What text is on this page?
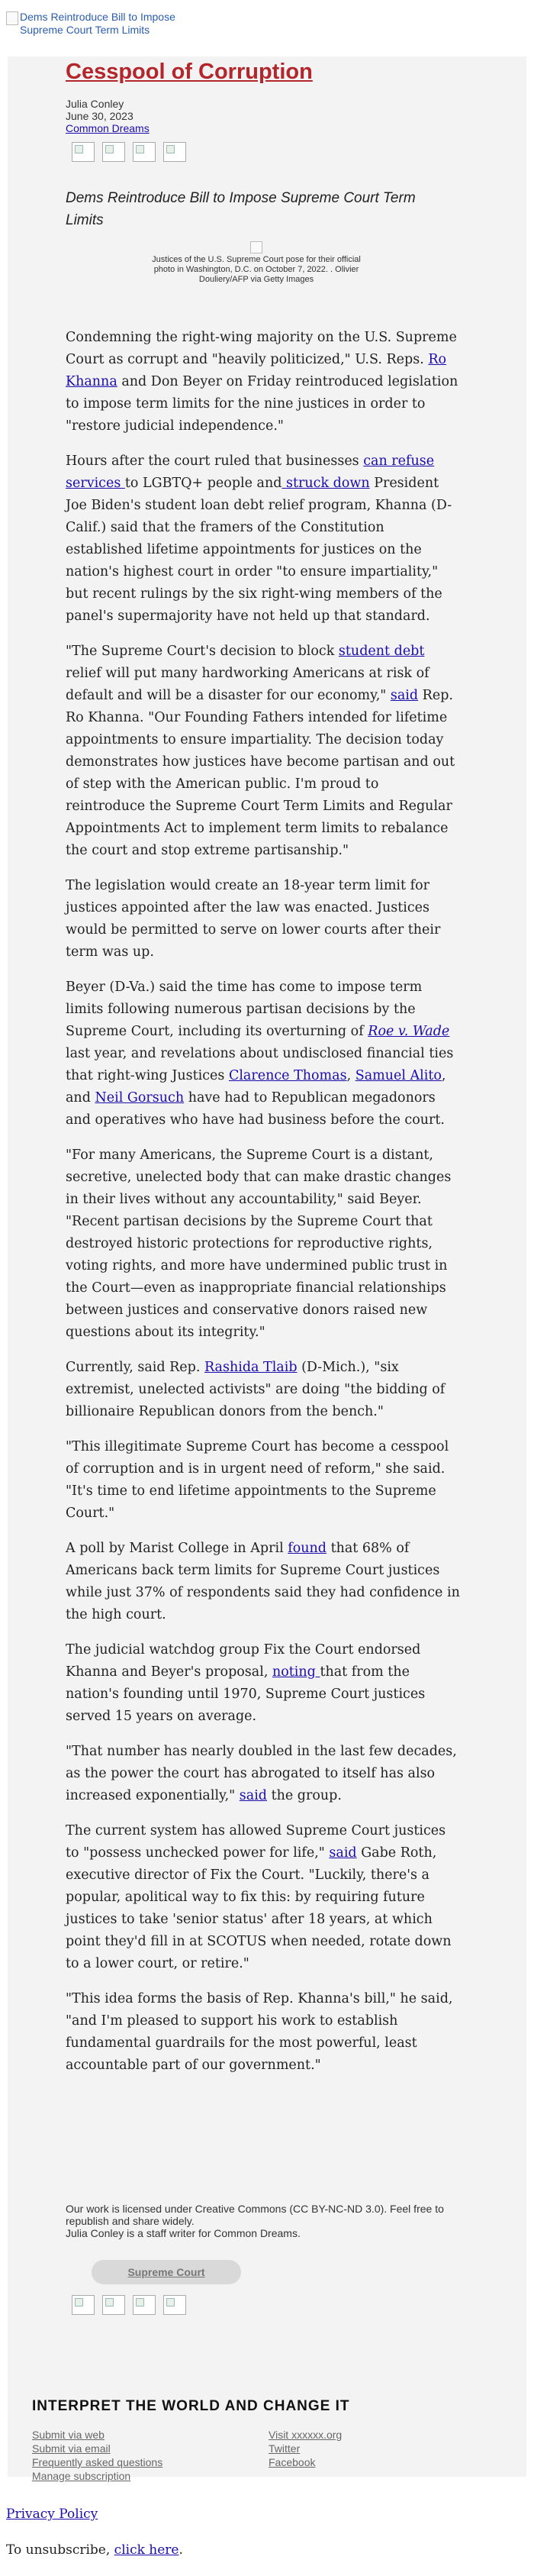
Dems Reintroduce Bill to Impose Supreme Court Term Limits
Cesspool of Corruption
Julia Conley
June 30, 2023
Common Dreams
Dems Reintroduce Bill to Impose Supreme Court Term Limits
Justices of the U.S. Supreme Court pose for their official photo in Washington, D.C. on October 7, 2022. . Olivier Douliery/AFP via Getty Images

Condemning the right-wing majority on the U.S. Supreme Court as corrupt and "heavily politicized," U.S. Reps. Ro Khanna and Don Beyer on Friday reintroduced legislation to impose term limits for the nine justices in order to "restore judicial independence."

Hours after the court ruled that businesses can refuse services to LGBTQ+ people and struck down President Joe Biden's student loan debt relief program, Khanna (D-Calif.) said that the framers of the Constitution established lifetime appointments for justices on the nation's highest court in order "to ensure impartiality," but recent rulings by the six right-wing members of the panel's supermajority have not held up that standard.

"The Supreme Court's decision to block student debt relief will put many hardworking Americans at risk of default and will be a disaster for our economy," said Rep. Ro Khanna. "Our Founding Fathers intended for lifetime appointments to ensure impartiality. The decision today demonstrates how justices have become partisan and out of step with the American public. I'm proud to reintroduce the Supreme Court Term Limits and Regular Appointments Act to implement term limits to rebalance the court and stop extreme partisanship."

The legislation would create an 18-year term limit for justices appointed after the law was enacted. Justices would be permitted to serve on lower courts after their term was up.

Beyer (D-Va.) said the time has come to impose term limits following numerous partisan decisions by the Supreme Court, including its overturning of Roe v. Wade last year, and revelations about undisclosed financial ties that right-wing Justices Clarence Thomas, Samuel Alito, and Neil Gorsuch have had to Republican megadonors and operatives who have had business before the court.

"For many Americans, the Supreme Court is a distant, secretive, unelected body that can make drastic changes in their lives without any accountability," said Beyer. "Recent partisan decisions by the Supreme Court that destroyed historic protections for reproductive rights, voting rights, and more have undermined public trust in the Court—even as inappropriate financial relationships between justices and conservative donors raised new questions about its integrity."

Currently, said Rep. Rashida Tlaib (D-Mich.), "six extremist, unelected activists" are doing "the bidding of billionaire Republican donors from the bench."

"This illegitimate Supreme Court has become a cesspool of corruption and is in urgent need of reform," she said. "It's time to end lifetime appointments to the Supreme Court."

A poll by Marist College in April found that 68% of Americans back term limits for Supreme Court justices while just 37% of respondents said they had confidence in the high court.

The judicial watchdog group Fix the Court endorsed Khanna and Beyer's proposal, noting that from the nation's founding until 1970, Supreme Court justices served 15 years on average.

"That number has nearly doubled in the last few decades, as the power the court has abrogated to itself has also increased exponentially," said the group.

The current system has allowed Supreme Court justices to "possess unchecked power for life," said Gabe Roth, executive director of Fix the Court. "Luckily, there's a popular, apolitical way to fix this: by requiring future justices to take 'senior status' after 18 years, at which point they'd fill in at SCOTUS when needed, rotate down to a lower court, or retire."

"This idea forms the basis of Rep. Khanna's bill," he said, "and I'm pleased to support his work to establish fundamental guardrails for the most powerful, least accountable part of our government."

Our work is licensed under Creative Commons (CC BY-NC-ND 3.0). Feel free to republish and share widely.
Julia Conley is a staff writer for Common Dreams.
Supreme Court
INTERPRET THE WORLD AND CHANGE IT
Submit via web
Submit via email
Frequently asked questions
Manage subscription
Visit xxxxxx.org
Twitter
Facebook
Privacy Policy
To unsubscribe, click here.
